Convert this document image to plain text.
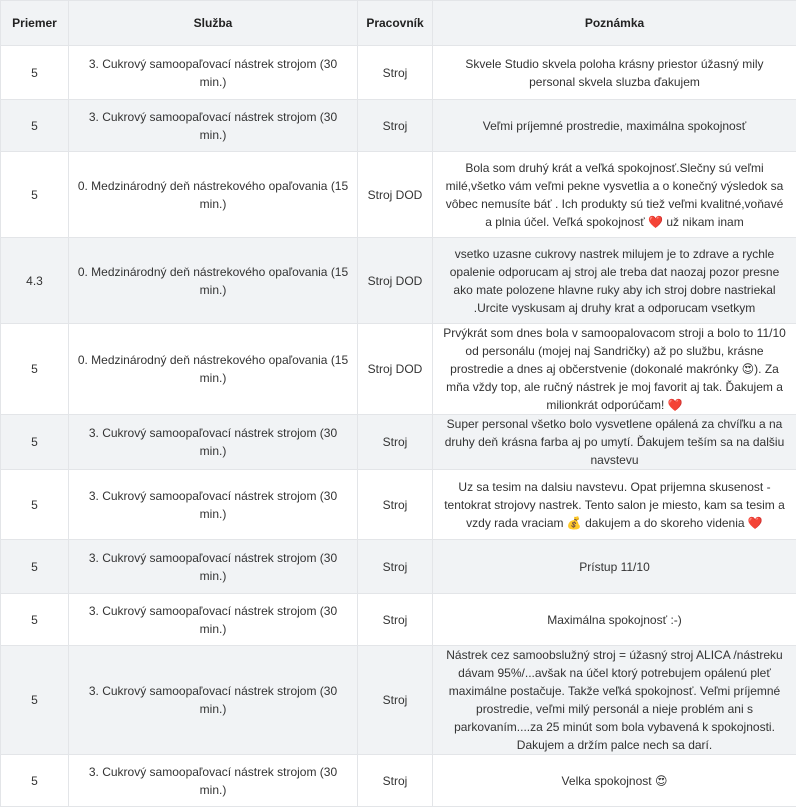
Priemer	Služba	Pracovník	Poznámka
5	3. Cukrový samoopaľovací nástrek strojom (30 min.)	Stroj	Skvele Studio skvela poloha krásny priestor úžasný mily personal skvela sluzba ďakujem
5	3. Cukrový samoopaľovací nástrek strojom (30 min.)	Stroj	Veľmi príjemné prostredie, maximálna spokojnosť
5	0. Medzinárodný deň nástrekového opaľovania (15 min.)	Stroj DOD	Bola som druhý krát a veľká spokojnosť.Slečny sú veľmi milé,všetko vám veľmi pekne vysvetlia a o konečný výsledok sa vôbec nemusíte báť . Ich produkty sú tiež veľmi kvalitné,voňavé a plnia účel. Veľká spokojnosť ❤️ už nikam inam
4.3	0. Medzinárodný deň nástrekového opaľovania (15 min.)	Stroj DOD	vsetko uzasne cukrovy nastrek milujem je to zdrave a rychle opalenie odporucam aj stroj ale treba dat naozaj pozor presne ako mate polozene hlavne ruky aby ich stroj dobre nastriekal .Urcite vyskusam aj druhy krat a odporucam vsetkym
5	0. Medzinárodný deň nástrekového opaľovania (15 min.)	Stroj DOD	Prvýkrát som dnes bola v samoopalovacom stroji a bolo to 11/10 od personálu (mojej naj Sandričky) až po službu, krásne prostredie a dnes aj občerstvenie (dokonalé makrónky 😍). Za mňa vždy top, ale ručný nástrek je moj favorit aj tak. Ďakujem a milionkrát odporúčam! ❤️
5	3. Cukrový samoopaľovací nástrek strojom (30 min.)	Stroj	Super personal všetko bolo vysvetlene opálená za chvíľku a na druhy deň krásna farba aj po umytí. Ďakujem teším sa na dalšiu navstevu
5	3. Cukrový samoopaľovací nástrek strojom (30 min.)	Stroj	Uz sa tesim na dalsiu navstevu. Opat prijemna skusenost - tentokrat strojovy nastrek. Tento salon je miesto, kam sa tesim a vzdy rada vraciam 💰 dakujem a do skoreho videnia ❤️
5	3. Cukrový samoopaľovací nástrek strojom (30 min.)	Stroj	Prístup 11/10
5	3. Cukrový samoopaľovací nástrek strojom (30 min.)	Stroj	Maximálna spokojnosť :-)
5	3. Cukrový samoopaľovací nástrek strojom (30 min.)	Stroj	Nástrek cez samoobslužný stroj = úžasný stroj ALICA /nástreku dávam 95%/...avšak na účel ktorý potrebujem opálenú pleť maximálne postačuje. Takže veľká spokojnosť. Veľmi príjemné prostredie, veľmi milý personál a nieje problém ani s parkovaním....za 25 minút som bola vybavená k spokojnosti. Dakujem a držím palce nech sa darí.
5	3. Cukrový samoopaľovací nástrek strojom (30 min.)	Stroj	Velka spokojnost 😍
